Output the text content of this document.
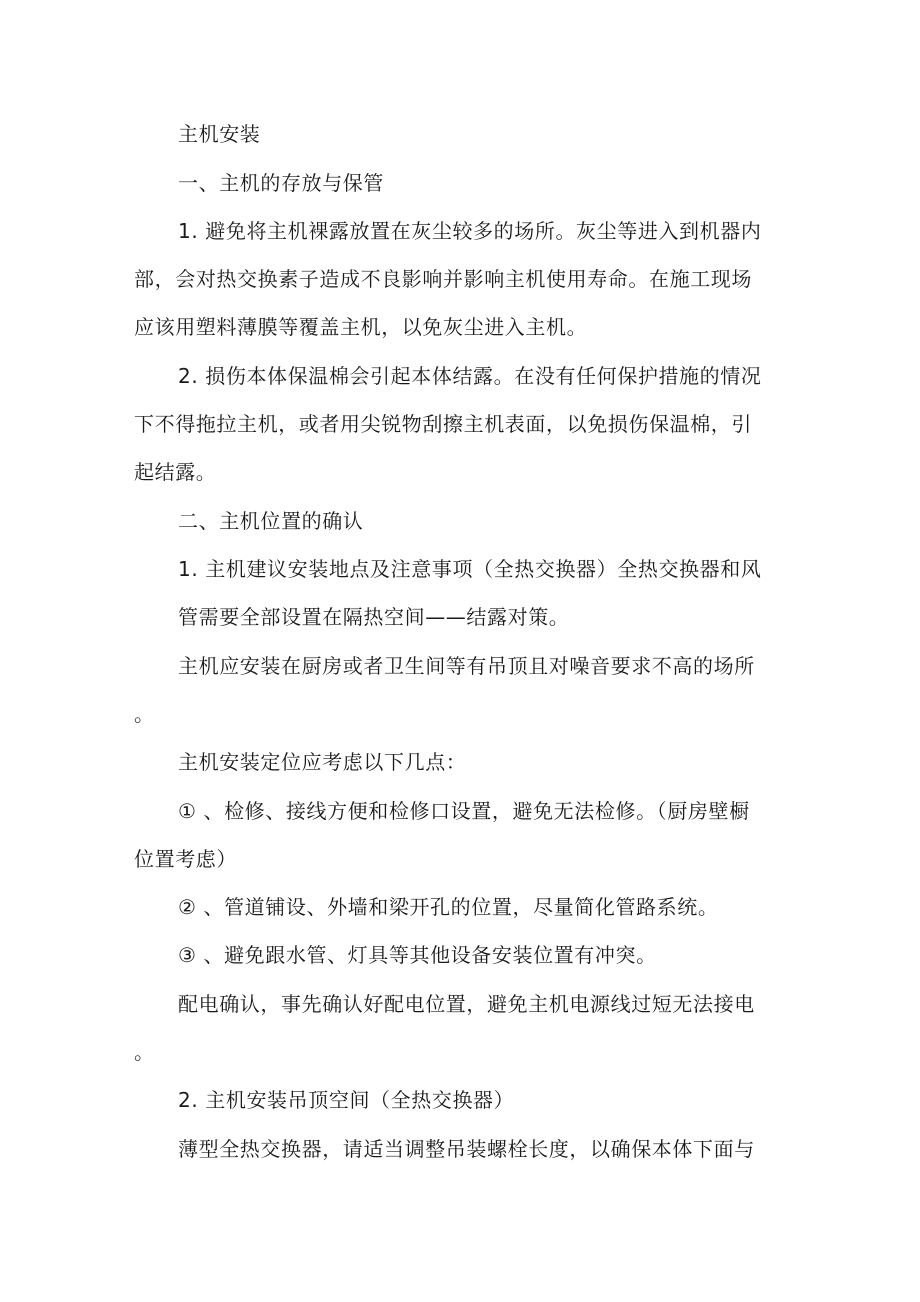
主机安装
一、主机的存放与保管
1. 避免将主机裸露放置在灰尘较多的场所。灰尘等进入到机器内
部，会对热交换素子造成不良影响并影响主机使用寿命。在施工现场
应该用塑料薄膜等覆盖主机，以免灰尘进入主机。
2. 损伤本体保温棉会引起本体结露。在没有任何保护措施的情况
下不得拖拉主机，或者用尖锐物刮擦主机表面，以免损伤保温棉，引
起结露。
二、主机位置的确认
1. 主机建议安装地点及注意事项（全热交换器）全热交换器和风
管需要全部设置在隔热空间——结露对策。
主机应安装在厨房或者卫生间等有吊顶且对噪音要求不高的场所
。
主机安装定位应考虑以下几点：
① 、检修、接线方便和检修口设置，避免无法检修。（厨房壁橱
位置考虑）
② 、管道铺设、外墙和梁开孔的位置，尽量简化管路系统。
③ 、避免跟水管、灯具等其他设备安装位置有冲突。
配电确认，事先确认好配电位置，避免主机电源线过短无法接电
。
2. 主机安装吊顶空间（全热交换器）
薄型全热交换器，请适当调整吊装螺栓长度，以确保本体下面与
